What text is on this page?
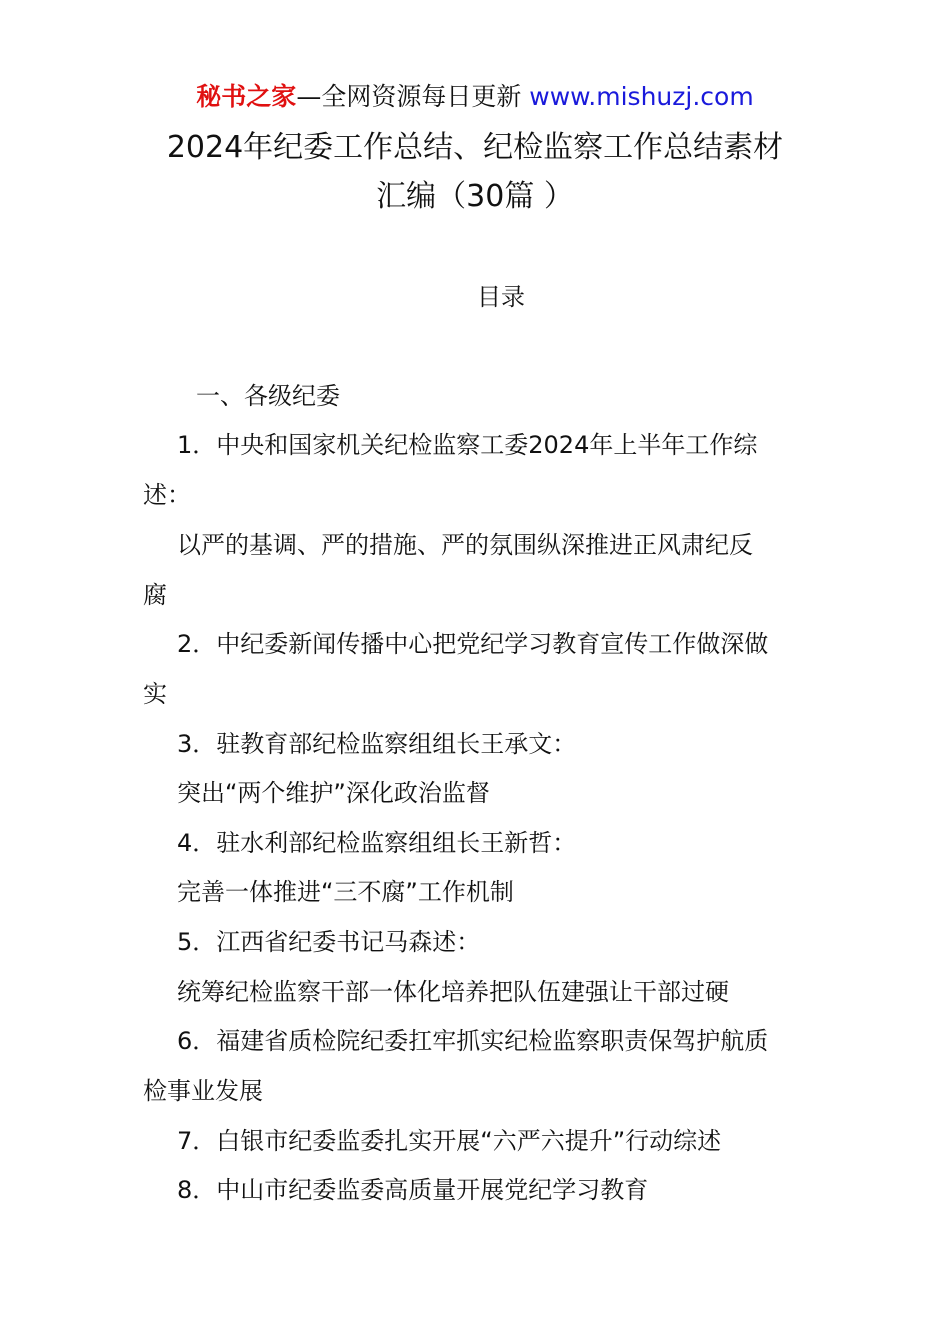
秘书之家—全网资源每日更新 www.mishuzj.com
2024年纪委工作总结、纪检监察工作总结素材
汇编（30篇 ）
目录
一、各级纪委
1．中央和国家机关纪检监察工委2024年上半年工作综
述：
以严的基调、严的措施、严的氛围纵深推进正风肃纪反
腐
2．中纪委新闻传播中心把党纪学习教育宣传工作做深做
实
3．驻教育部纪检监察组组长王承文：
突出“两个维护”深化政治监督
4．驻水利部纪检监察组组长王新哲：
完善一体推进“三不腐”工作机制
5．江西省纪委书记马森述：
统筹纪检监察干部一体化培养把队伍建强让干部过硬
6．福建省质检院纪委扛牢抓实纪检监察职责保驾护航质
检事业发展
7．白银市纪委监委扎实开展“六严六提升”行动综述
8．中山市纪委监委高质量开展党纪学习教育
